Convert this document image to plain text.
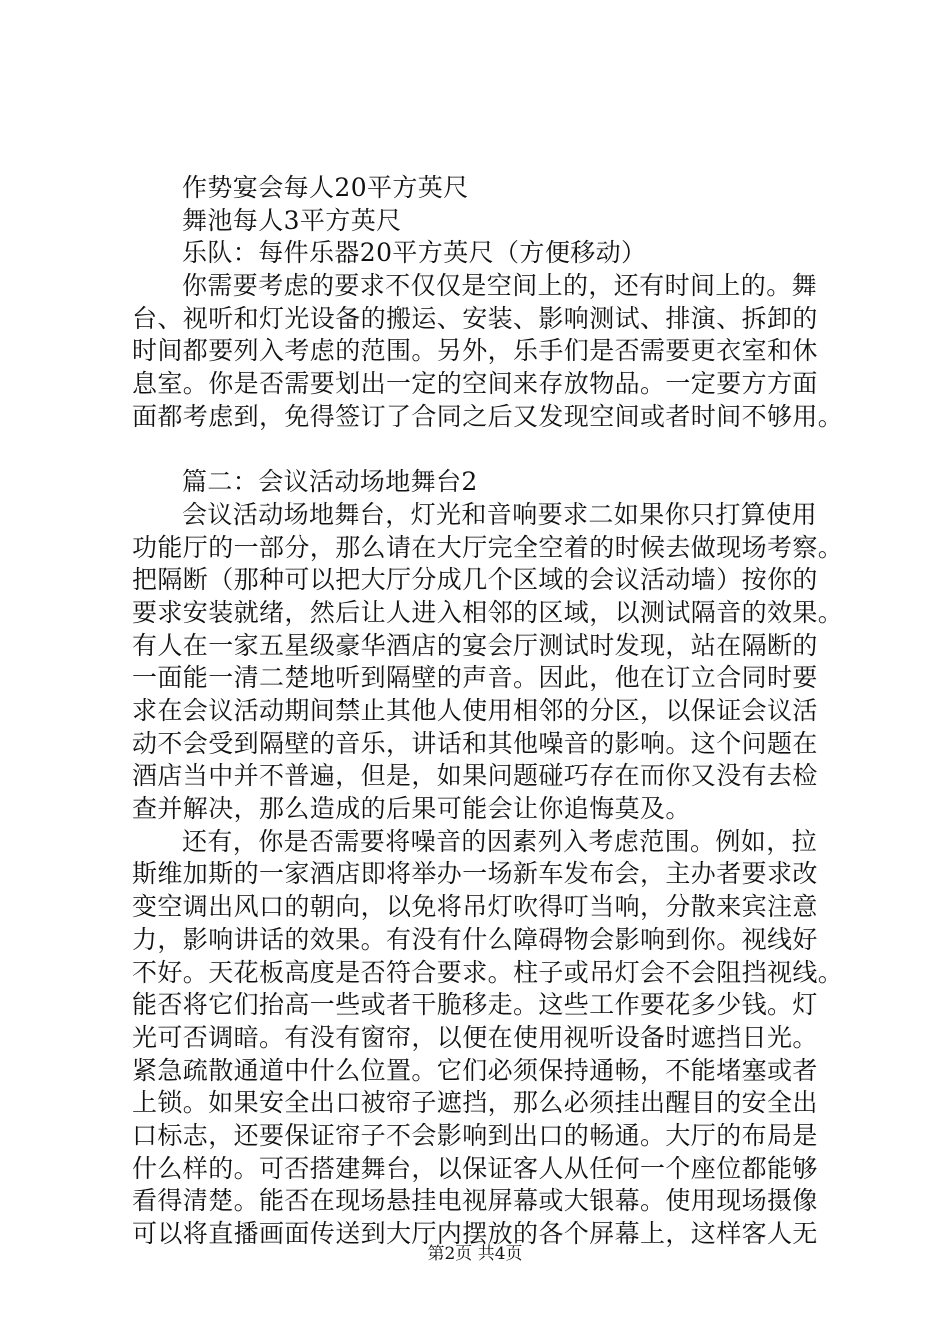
作势宴会每人20平方英尺
舞池每人3平方英尺
乐队：每件乐器20平方英尺（方便移动）
你需要考虑的要求不仅仅是空间上的，还有时间上的。舞
台、视听和灯光设备的搬运、安装、影响测试、排演、拆卸的
时间都要列入考虑的范围。另外，乐手们是否需要更衣室和休
息室。你是否需要划出一定的空间来存放物品。一定要方方面
面都考虑到，免得签订了合同之后又发现空间或者时间不够用。
篇二：会议活动场地舞台2
会议活动场地舞台，灯光和音响要求二如果你只打算使用
功能厅的一部分，那么请在大厅完全空着的时候去做现场考察。
把隔断（那种可以把大厅分成几个区域的会议活动墙）按你的
要求安装就绪，然后让人进入相邻的区域，以测试隔音的效果。
有人在一家五星级豪华酒店的宴会厅测试时发现，站在隔断的
一面能一清二楚地听到隔壁的声音。因此，他在订立合同时要
求在会议活动期间禁止其他人使用相邻的分区，以保证会议活
动不会受到隔壁的音乐，讲话和其他噪音的影响。这个问题在
酒店当中并不普遍，但是，如果问题碰巧存在而你又没有去检
查并解决，那么造成的后果可能会让你追悔莫及。
还有，你是否需要将噪音的因素列入考虑范围。例如，拉
斯维加斯的一家酒店即将举办一场新车发布会，主办者要求改
变空调出风口的朝向，以免将吊灯吹得叮当响，分散来宾注意
力，影响讲话的效果。有没有什么障碍物会影响到你。视线好
不好。天花板高度是否符合要求。柱子或吊灯会不会阻挡视线。
能否将它们抬高一些或者干脆移走。这些工作要花多少钱。灯
光可否调暗。有没有窗帘，以便在使用视听设备时遮挡日光。
紧急疏散通道中什么位置。它们必须保持通畅，不能堵塞或者
上锁。如果安全出口被帘子遮挡，那么必须挂出醒目的安全出
口标志，还要保证帘子不会影响到出口的畅通。大厅的布局是
什么样的。可否搭建舞台，以保证客人从任何一个座位都能够
看得清楚。能否在现场悬挂电视屏幕或大银幕。使用现场摄像
可以将直播画面传送到大厅内摆放的各个屏幕上，这样客人无
第2页 共4页
